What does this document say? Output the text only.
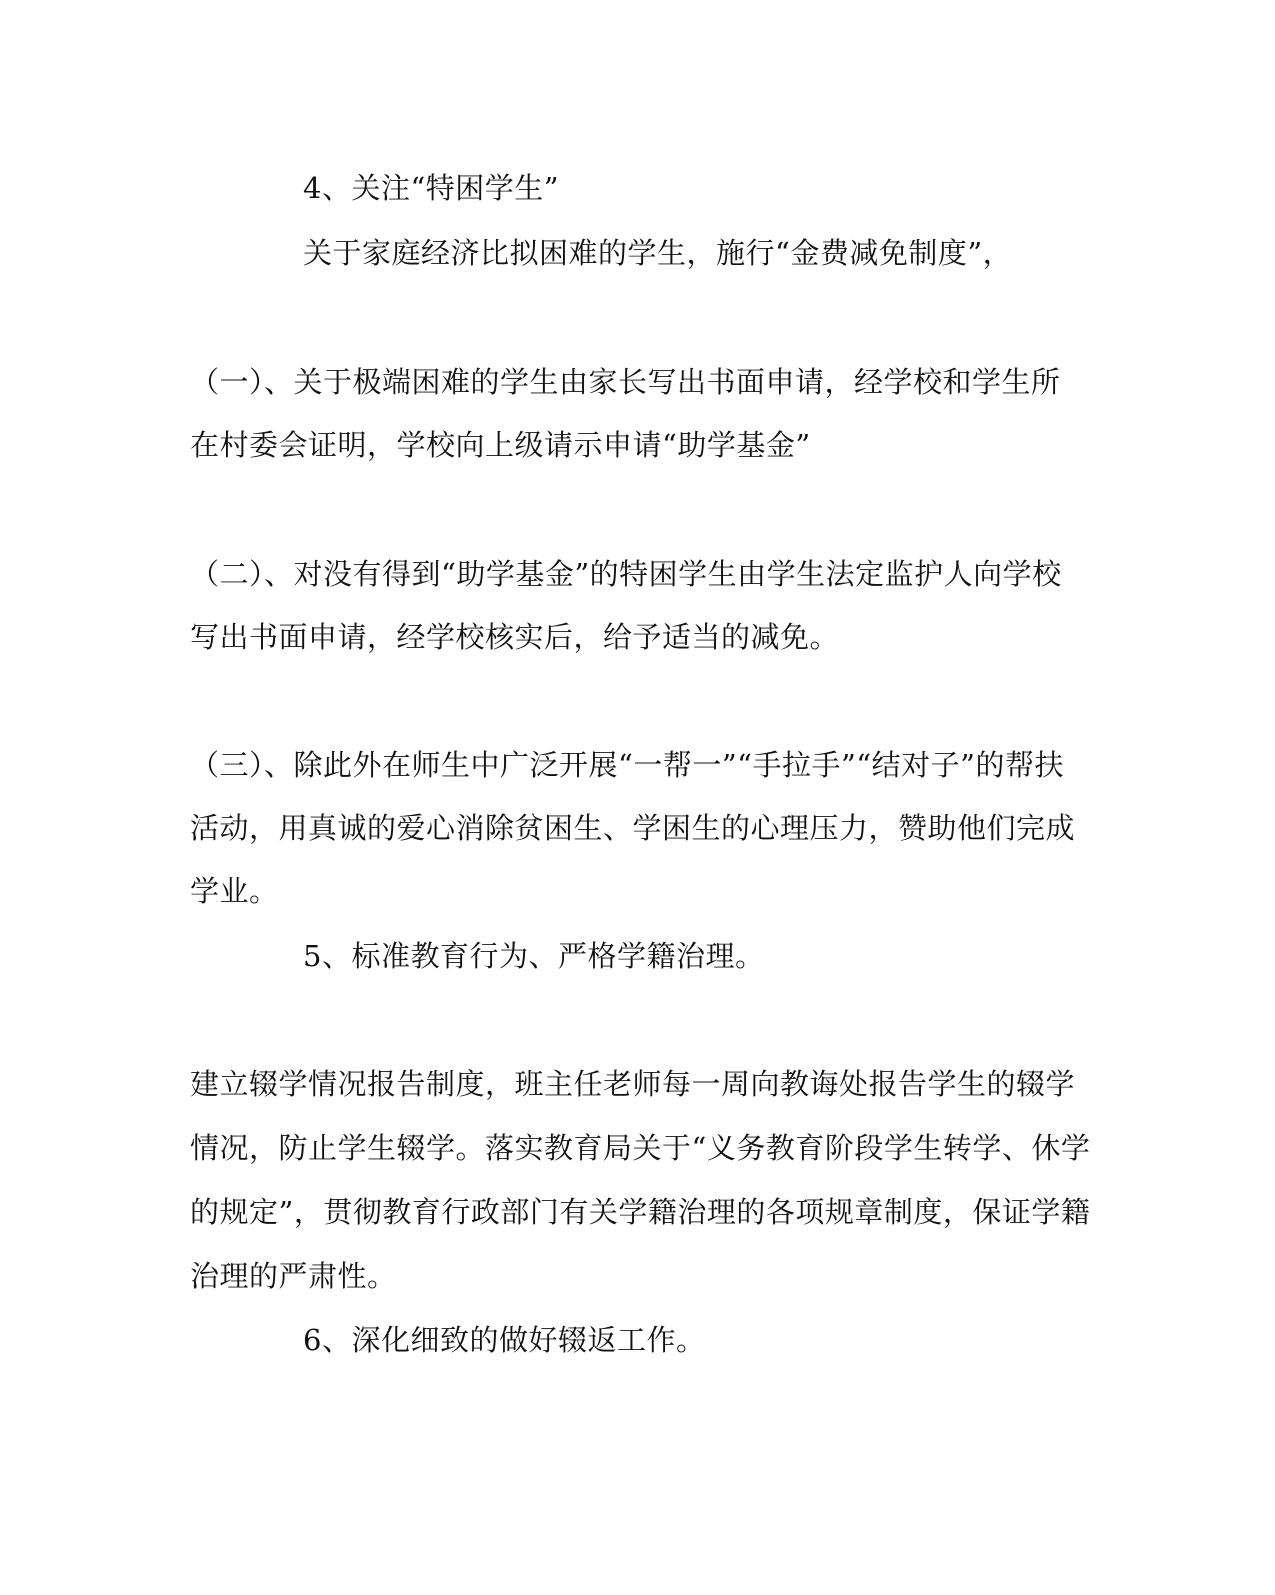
4、关注“特困学生”
关于家庭经济比拟困难的学生，施行“金费减免制度”，
（一）、关于极端困难的学生由家长写出书面申请，经学校和学生所
在村委会证明，学校向上级请示申请“助学基金”
（二）、对没有得到“助学基金”的特困学生由学生法定监护人向学校
写出书面申请，经学校核实后，给予适当的减免。
（三）、除此外在师生中广泛开展“一帮一”“手拉手”“结对子”的帮扶
活动，用真诚的爱心消除贫困生、学困生的心理压力，赞助他们完成
学业。
5、标准教育行为、严格学籍治理。
建立辍学情况报告制度，班主任老师每一周向教诲处报告学生的辍学
情况，防止学生辍学。落实教育局关于“义务教育阶段学生转学、休学
的规定”，贯彻教育行政部门有关学籍治理的各项规章制度，保证学籍
治理的严肃性。
6、深化细致的做好辍返工作。
